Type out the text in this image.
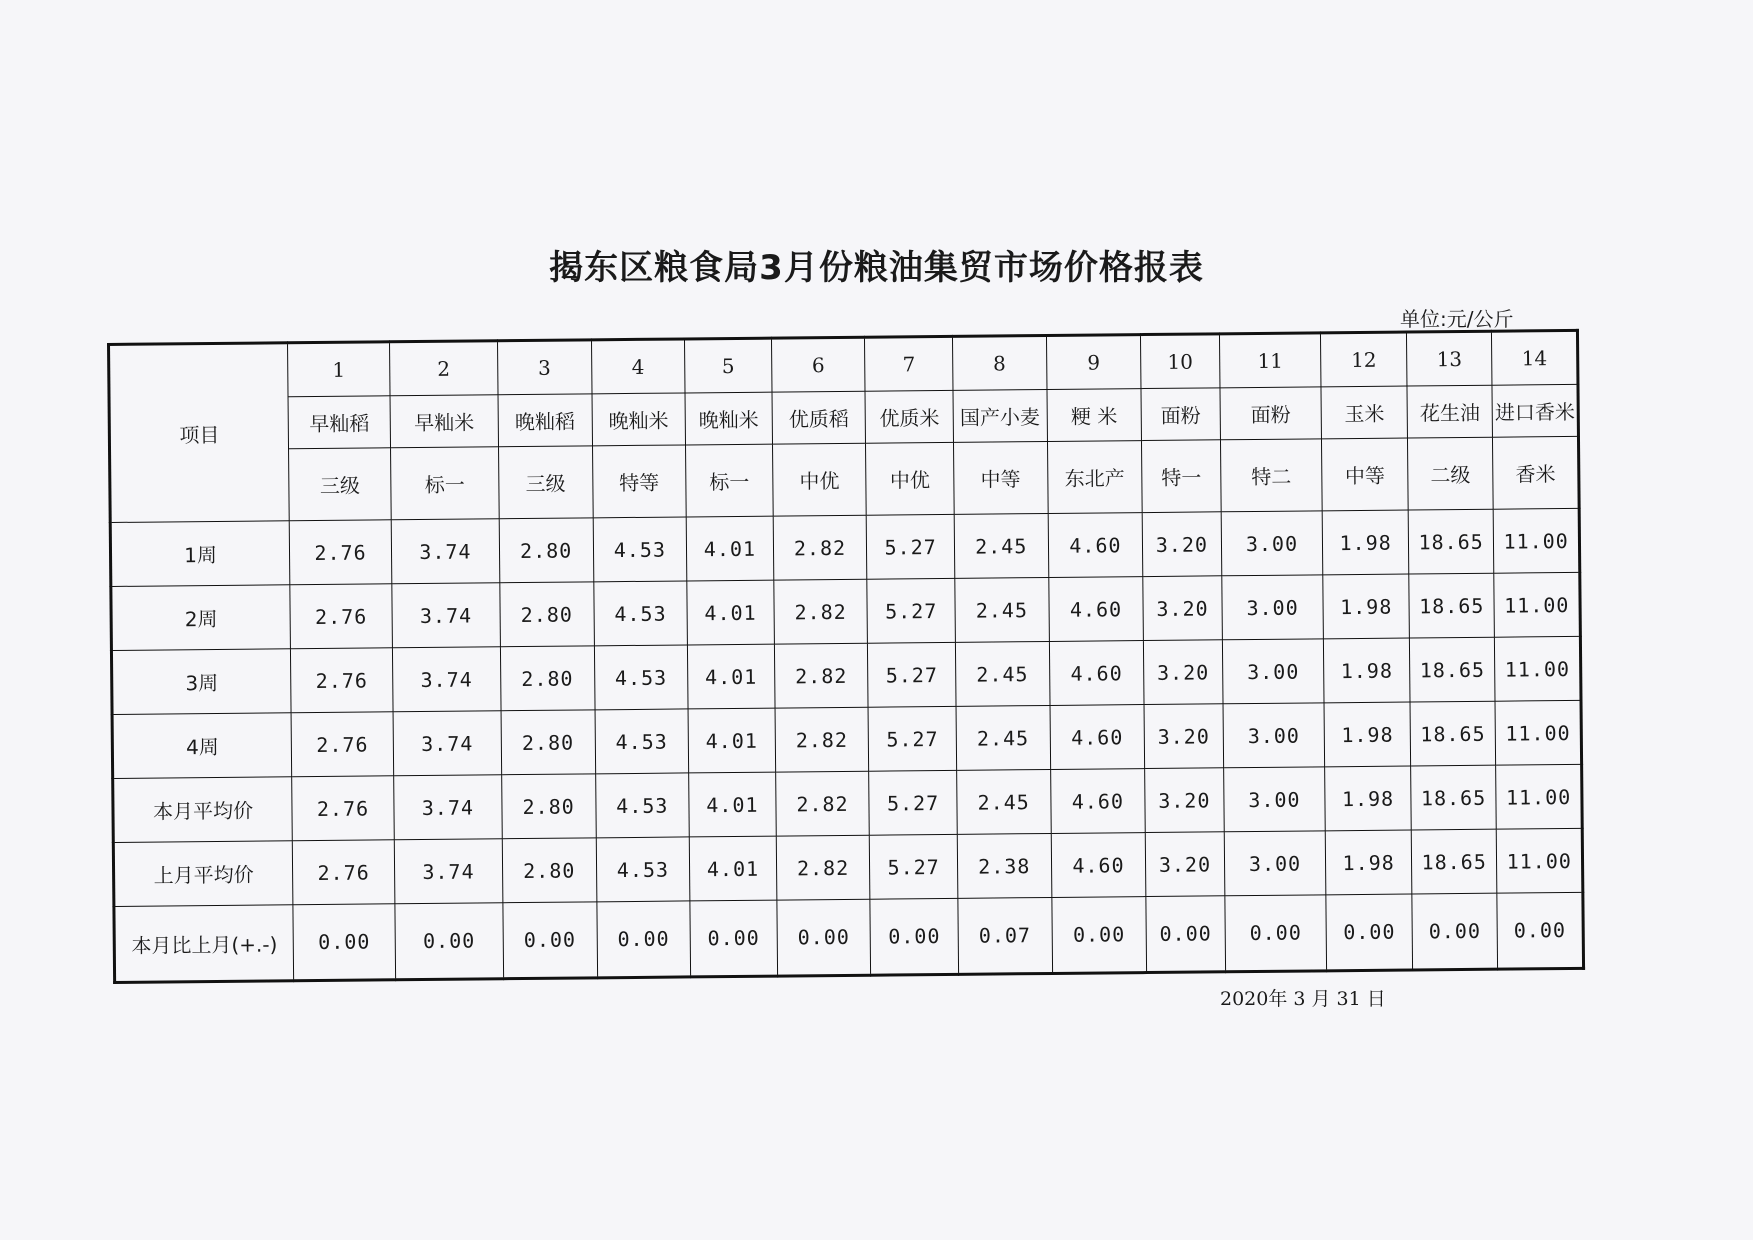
揭东区粮食局3月份粮油集贸市场价格报表
单位:元/公斤
项目	1	2	3	4	5	6	7	8	9	10	11	12	13	14
	早籼稻	早籼米	晚籼稻	晚籼米	晚籼米	优质稻	优质米	国产小麦	粳 米	面粉	面粉	玉米	花生油	进口香米
	三级	标一	三级	特等	标一	中优	中优	中等	东北产	特一	特二	中等	二级	香米
1周	2.76	3.74	2.80	4.53	4.01	2.82	5.27	2.45	4.60	3.20	3.00	1.98	18.65	11.00
2周	2.76	3.74	2.80	4.53	4.01	2.82	5.27	2.45	4.60	3.20	3.00	1.98	18.65	11.00
3周	2.76	3.74	2.80	4.53	4.01	2.82	5.27	2.45	4.60	3.20	3.00	1.98	18.65	11.00
4周	2.76	3.74	2.80	4.53	4.01	2.82	5.27	2.45	4.60	3.20	3.00	1.98	18.65	11.00
本月平均价	2.76	3.74	2.80	4.53	4.01	2.82	5.27	2.45	4.60	3.20	3.00	1.98	18.65	11.00
上月平均价	2.76	3.74	2.80	4.53	4.01	2.82	5.27	2.38	4.60	3.20	3.00	1.98	18.65	11.00
本月比上月(+.-)	0.00	0.00	0.00	0.00	0.00	0.00	0.00	0.07	0.00	0.00	0.00	0.00	0.00	0.00
2020年 3 月 31 日
